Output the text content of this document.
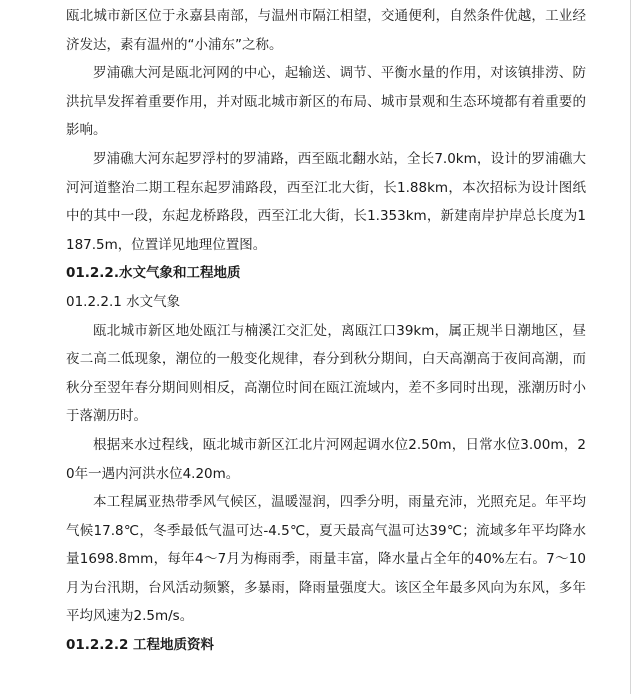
瓯北城市新区位于永嘉县南部，与温州市隔江相望，交通便利，自然条件优越，工业经济发达，素有温州的“小浦东”之称。

罗浦礁大河是瓯北河网的中心，起输送、调节、平衡水量的作用，对该镇排涝、防洪抗旱发挥着重要作用，并对瓯北城市新区的布局、城市景观和生态环境都有着重要的影响。

罗浦礁大河东起罗浮村的罗浦路，西至瓯北翻水站，全长7.0km，设计的罗浦礁大河河道整治二期工程东起罗浦路段，西至江北大街，长1.88km，本次招标为设计图纸中的其中一段，东起龙桥路段，西至江北大街，长1.353km，新建南岸护岸总长度为1187.5m，位置详见地理位置图。

01.2.2.水文气象和工程地质

01.2.2.1 水文气象

瓯北城市新区地处瓯江与楠溪江交汇处，离瓯江口39km，属正规半日潮地区，昼夜二高二低现象，潮位的一般变化规律，春分到秋分期间，白天高潮高于夜间高潮，而秋分至翌年春分期间则相反，高潮位时间在瓯江流域内，差不多同时出现，涨潮历时小于落潮历时。

根据来水过程线，瓯北城市新区江北片河网起调水位2.50m，日常水位3.00m，20年一遇内河洪水位4.20m。

本工程属亚热带季风气候区，温暖湿润，四季分明，雨量充沛，光照充足。年平均气候17.8℃，冬季最低气温可达-4.5℃，夏天最高气温可达39℃；流域多年平均降水量1698.8mm，每年4～7月为梅雨季，雨量丰富，降水量占全年的40%左右。7～10月为台汛期，台风活动频繁，多暴雨，降雨量强度大。该区全年最多风向为东风，多年平均风速为2.5m/s。

01.2.2.2 工程地质资料
